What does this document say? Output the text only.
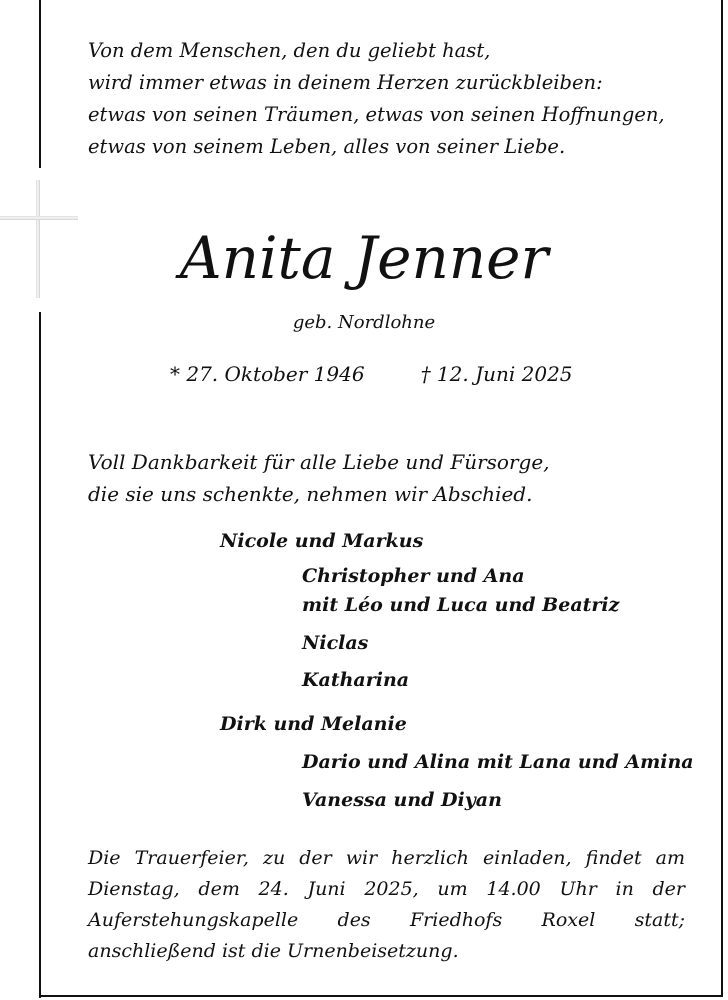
Von dem Menschen, den du geliebt hast,
wird immer etwas in deinem Herzen zurückbleiben:
etwas von seinen Träumen, etwas von seinen Hoffnungen,
etwas von seinem Leben, alles von seiner Liebe.
Anita Jenner
geb. Nordlohne
* 27. Oktober 1946	† 12. Juni 2025
Voll Dankbarkeit für alle Liebe und Fürsorge,
die sie uns schenkte, nehmen wir Abschied.
Nicole und Markus
Christopher und Ana
mit Léo und Luca und Beatriz
Niclas
Katharina
Dirk und Melanie
Dario und Alina mit Lana und Amina
Vanessa und Diyan
Die Trauerfeier, zu der wir herzlich einladen, findet am
Dienstag, dem 24. Juni 2025, um 14.00 Uhr in der
Auferstehungskapelle des Friedhofs Roxel statt;
anschließend ist die Urnenbeisetzung.
